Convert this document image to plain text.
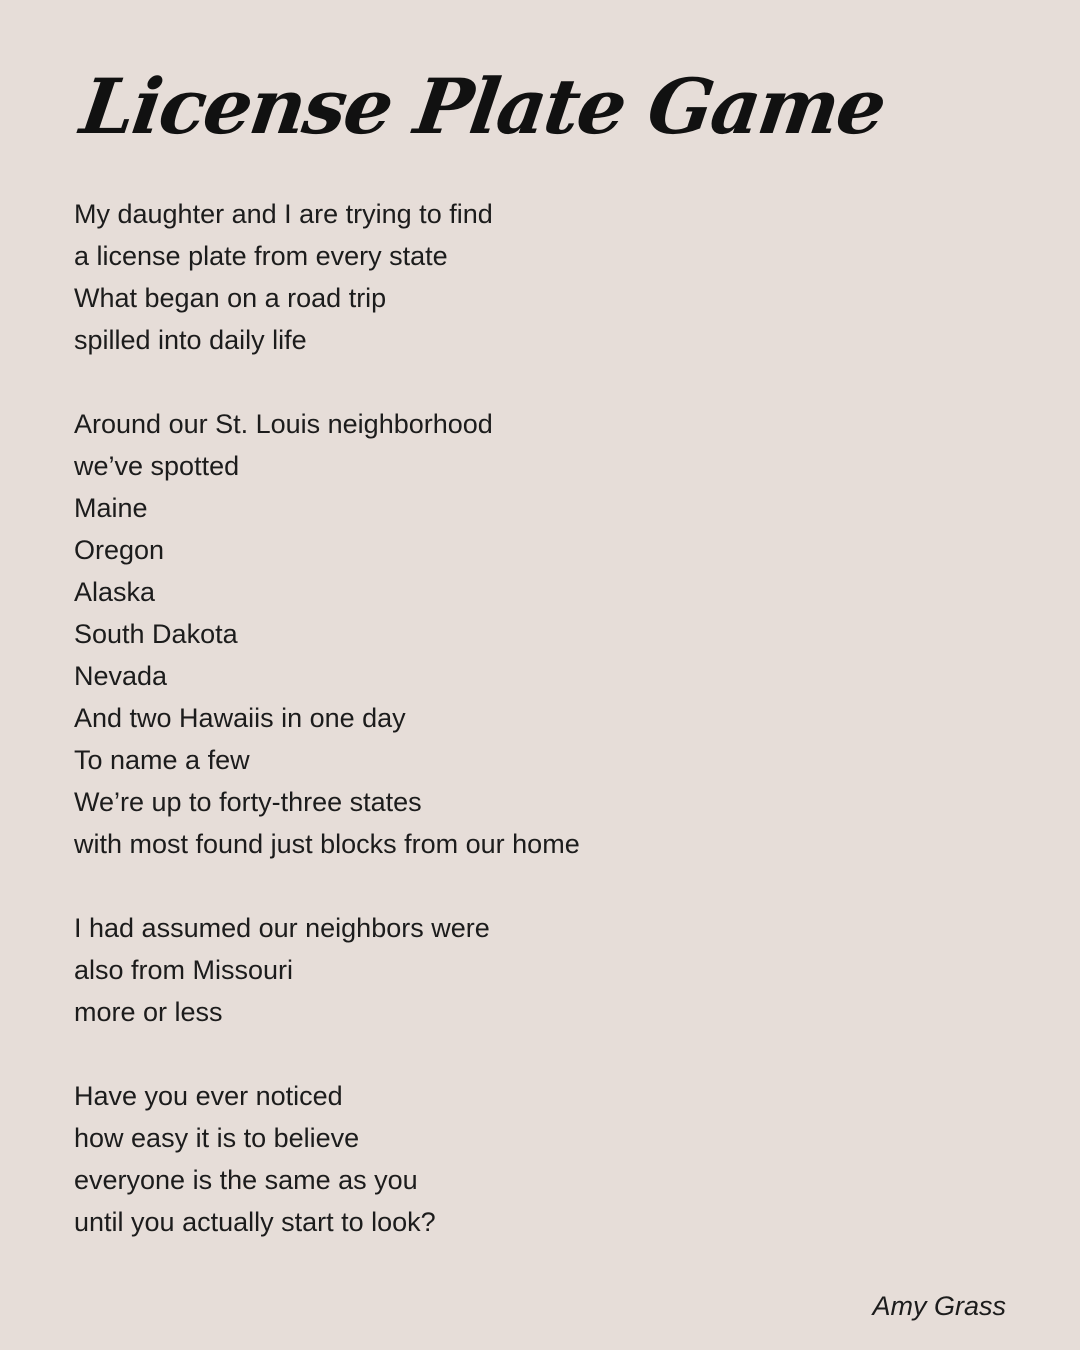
License Plate Game
My daughter and I are trying to find
a license plate from every state
What began on a road trip
spilled into daily life
Around our St. Louis neighborhood
we’ve spotted
Maine
Oregon
Alaska
South Dakota
Nevada
And two Hawaiis in one day
To name a few
We’re up to forty-three states
with most found just blocks from our home
I had assumed our neighbors were
also from Missouri
more or less
Have you ever noticed
how easy it is to believe
everyone is the same as you
until you actually start to look?

Amy Grass
